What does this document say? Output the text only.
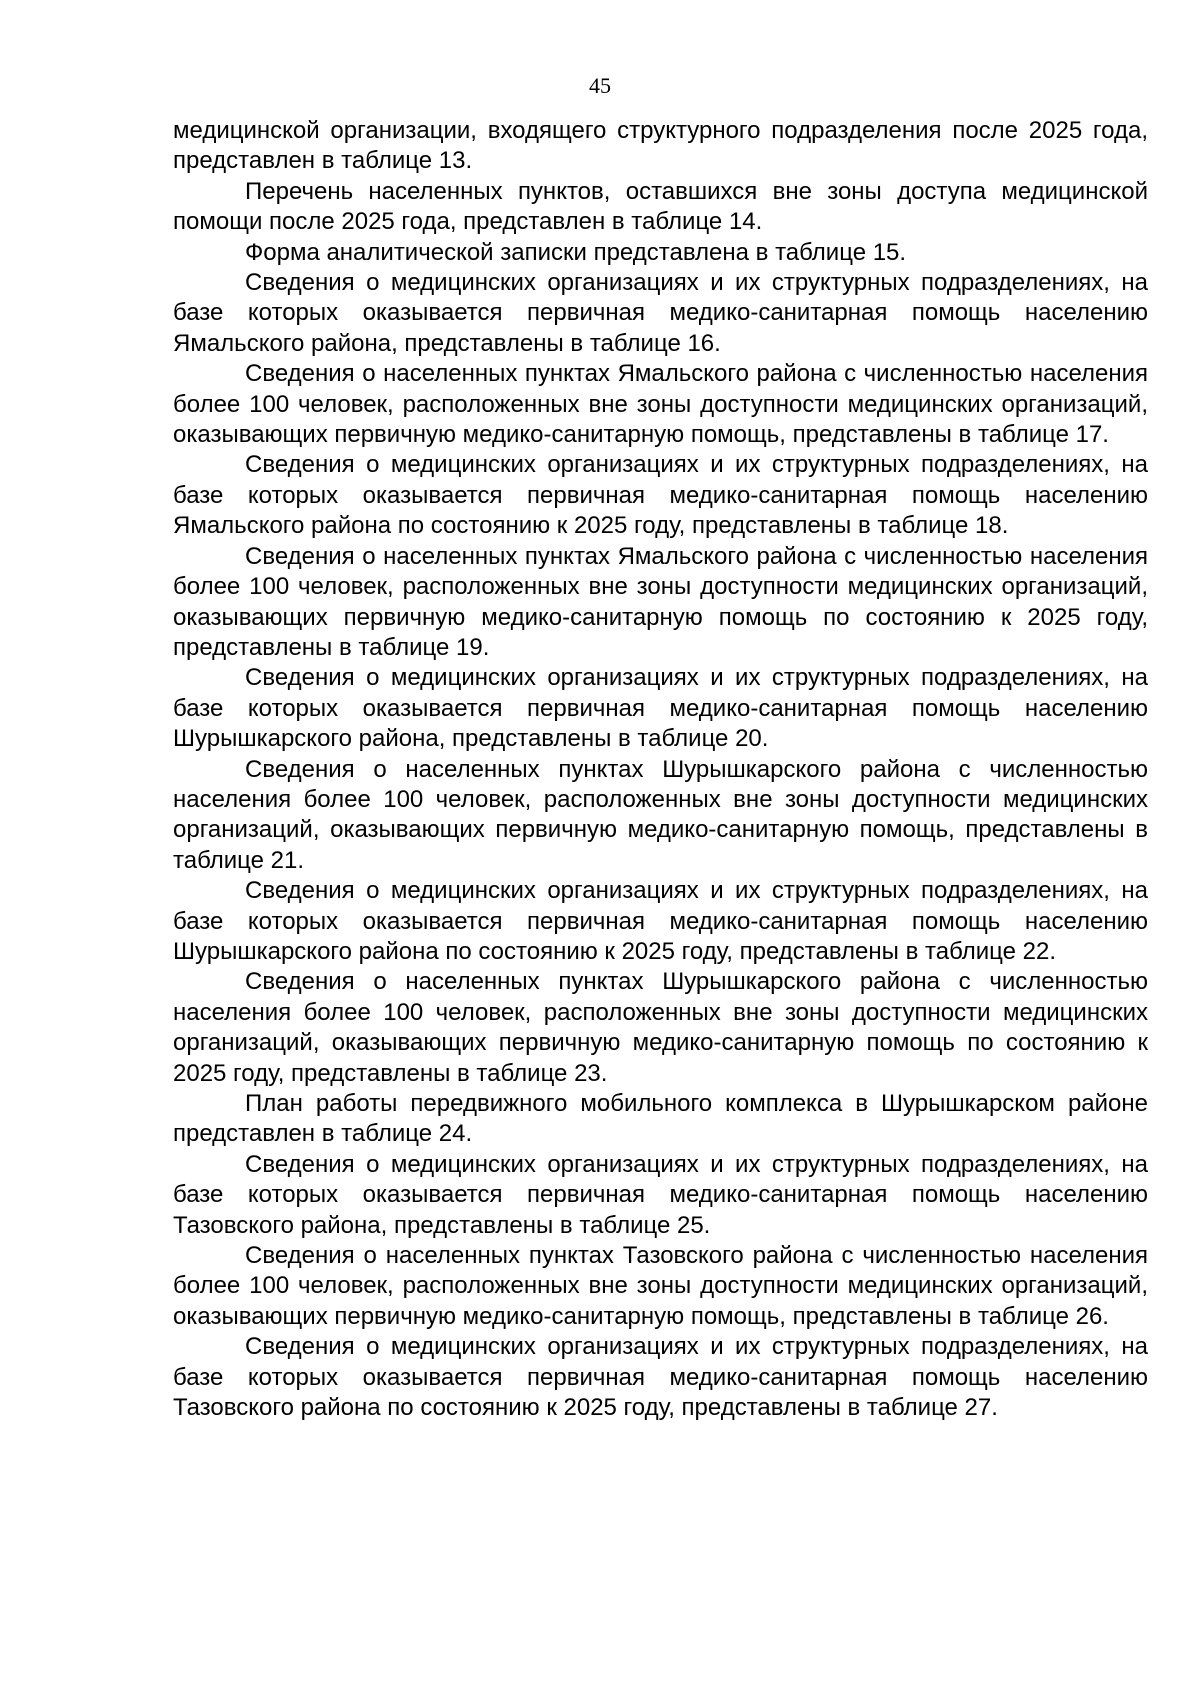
45

медицинской организации, входящего структурного подразделения после 2025 года, представлен в таблице 13.

Перечень населенных пунктов, оставшихся вне зоны доступа медицинской помощи после 2025 года, представлен в таблице 14.

Форма аналитической записки представлена в таблице 15.

Сведения о медицинских организациях и их структурных подразделениях, на базе которых оказывается первичная медико-санитарная помощь населению Ямальского района, представлены в таблице 16.

Сведения о населенных пунктах Ямальского района с численностью населения более 100 человек, расположенных вне зоны доступности медицинских организаций, оказывающих первичную медико-санитарную помощь, представлены в таблице 17.

Сведения о медицинских организациях и их структурных подразделениях, на базе которых оказывается первичная медико-санитарная помощь населению Ямальского района по состоянию к 2025 году, представлены в таблице 18.

Сведения о населенных пунктах Ямальского района с численностью населения более 100 человек, расположенных вне зоны доступности медицинских организаций, оказывающих первичную медико-санитарную помощь по состоянию к 2025 году, представлены в таблице 19.

Сведения о медицинских организациях и их структурных подразделениях, на базе которых оказывается первичная медико-санитарная помощь населению Шурышкарского района, представлены в таблице 20.

Сведения о населенных пунктах Шурышкарского района с численностью населения более 100 человек, расположенных вне зоны доступности медицинских организаций, оказывающих первичную медико-санитарную помощь, представлены в таблице 21.

Сведения о медицинских организациях и их структурных подразделениях, на базе которых оказывается первичная медико-санитарная помощь населению Шурышкарского района по состоянию к 2025 году, представлены в таблице 22.

Сведения о населенных пунктах Шурышкарского района с численностью населения более 100 человек, расположенных вне зоны доступности медицинских организаций, оказывающих первичную медико-санитарную помощь по состоянию к 2025 году, представлены в таблице 23.

План работы передвижного мобильного комплекса в Шурышкарском районе представлен в таблице 24.

Сведения о медицинских организациях и их структурных подразделениях, на базе которых оказывается первичная медико-санитарная помощь населению Тазовского района, представлены в таблице 25.

Сведения о населенных пунктах Тазовского района с численностью населения более 100 человек, расположенных вне зоны доступности медицинских организаций, оказывающих первичную медико-санитарную помощь, представлены в таблице 26.

Сведения о медицинских организациях и их структурных подразделениях, на базе которых оказывается первичная медико-санитарная помощь населению Тазовского района по состоянию к 2025 году, представлены в таблице 27.
